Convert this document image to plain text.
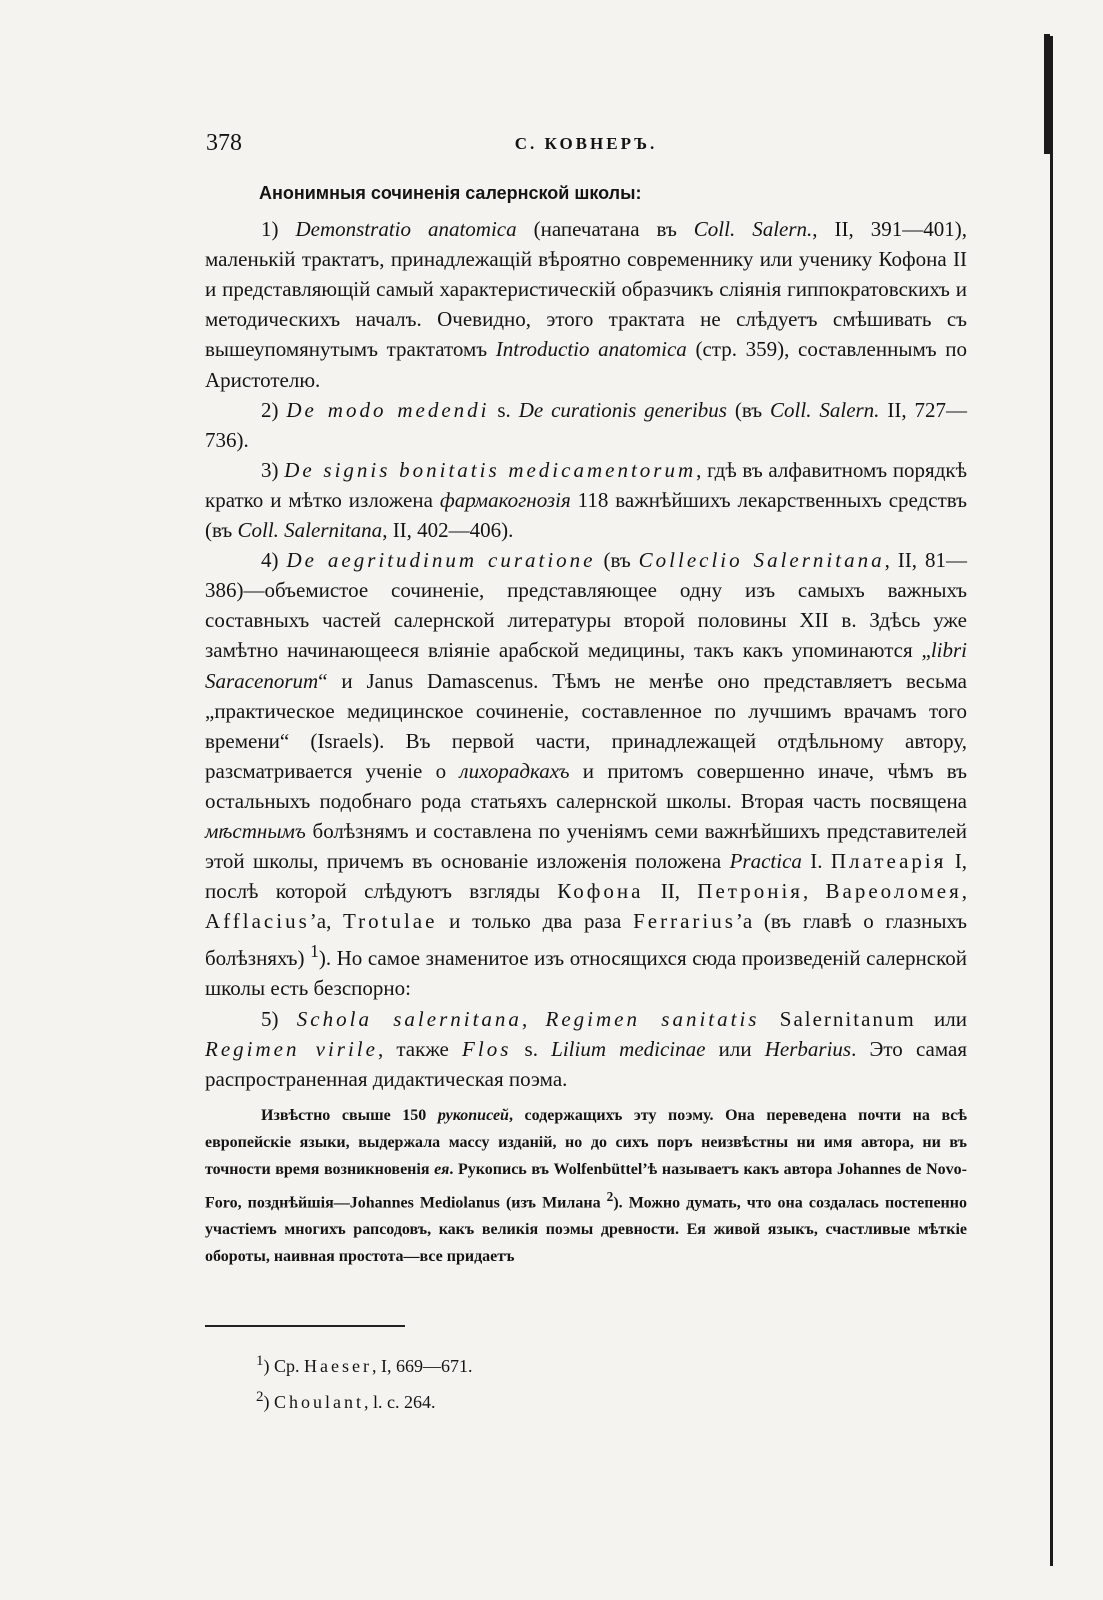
378	С. КОВНЕРЪ.

Анонимныя сочиненія салернской школы:

1) Demonstratio anatomica (напечатана въ Coll. Salern., II, 391—401), маленькій трактатъ, принадлежащій вѣроятно современнику или ученику Кофона II и представляющій самый характеристическій образчикъ слiянія гиппократовскихъ и методическихъ началъ. Очевидно, этого трактата не слѣдуетъ смѣшивать съ вышеупомянутымъ трактатомъ Introductio anatomica (стр. 359), составленнымъ по Аристотелю.

2) De modo medendi s. De curationis generibus (въ Coll. Salern. II, 727—736).

3) De signis bonitatis medicamentorum, гдѣ въ алфавитномъ порядкѣ кратко и мѣтко изложена фармакогнозія 118 важнѣйшихъ лекарственныхъ средствъ (въ Coll. Salernitana, II, 402—406).

4) De aegritudinum curatione (въ Colleclio Salernitana, II, 81—386)—объемистое сочиненіе, представляющее одну изъ самыхъ важныхъ составныхъ частей салернской литературы второй половины XII в. Здѣсь уже замѣтно начинающееся вліяніе арабской медицины, такъ какъ упоминаются „libri Saracenorum“ и Janus Damascenus. Тѣмъ не менѣе оно представляетъ весьма „практическое медицинское сочиненіе, составленное по лучшимъ врачамъ того времени“ (Israels). Въ первой части, принадлежащей отдѣльному автору, разсматривается ученіе о лихорадкахъ и притомъ совершенно иначе, чѣмъ въ остальныхъ подобнаго рода статьяхъ салернской школы. Вторая часть посвящена мѣстнымъ болѣзнямъ и составлена по ученіямъ семи важнѣйшихъ представителей этой школы, причемъ въ основаніе изложенія положена Practica I. Платеарія I, послѣ которой слѣдуютъ взгляды Кофона II, Петронія, Вареоломея, Afflacius’а, Trotulae и только два раза Ferrarius’а (въ главѣ о глазныхъ болѣзняхъ) $^1$). Но самое знаменитое изъ относящихся сюда произведеній салернской школы есть безспорно:

5) Schola salernitana, Regimen sanitatis Salernitanum или Regimen virile, также Flos s. Lilium medicinae или Herbarius. Это самая распространенная дидактическая поэма.

Извѣстно свыше 150 рукописей, содержащихъ эту поэму. Она переведена почти на всѣ европейскіе языки, выдержала массу изданій, но до сихъ поръ неизвѣстны ни имя автора, ни въ точности время возникновенія ея. Рукопись въ Wolfenbüttel’ѣ называетъ какъ автора Johannes de Novo-Foro, позднѣйшія—Johannes Mediolanus (изъ Милана $^2$). Можно думать, что она создалась постепенно участіемъ многихъ рапсодовъ, какъ великія поэмы древности. Ея живой языкъ, счастливые мѣткіе обороты, наивная простота—все придаетъ

$^1$) Ср. Haeser, I, 669—671.
$^2$) Choulant, l. c. 264.
